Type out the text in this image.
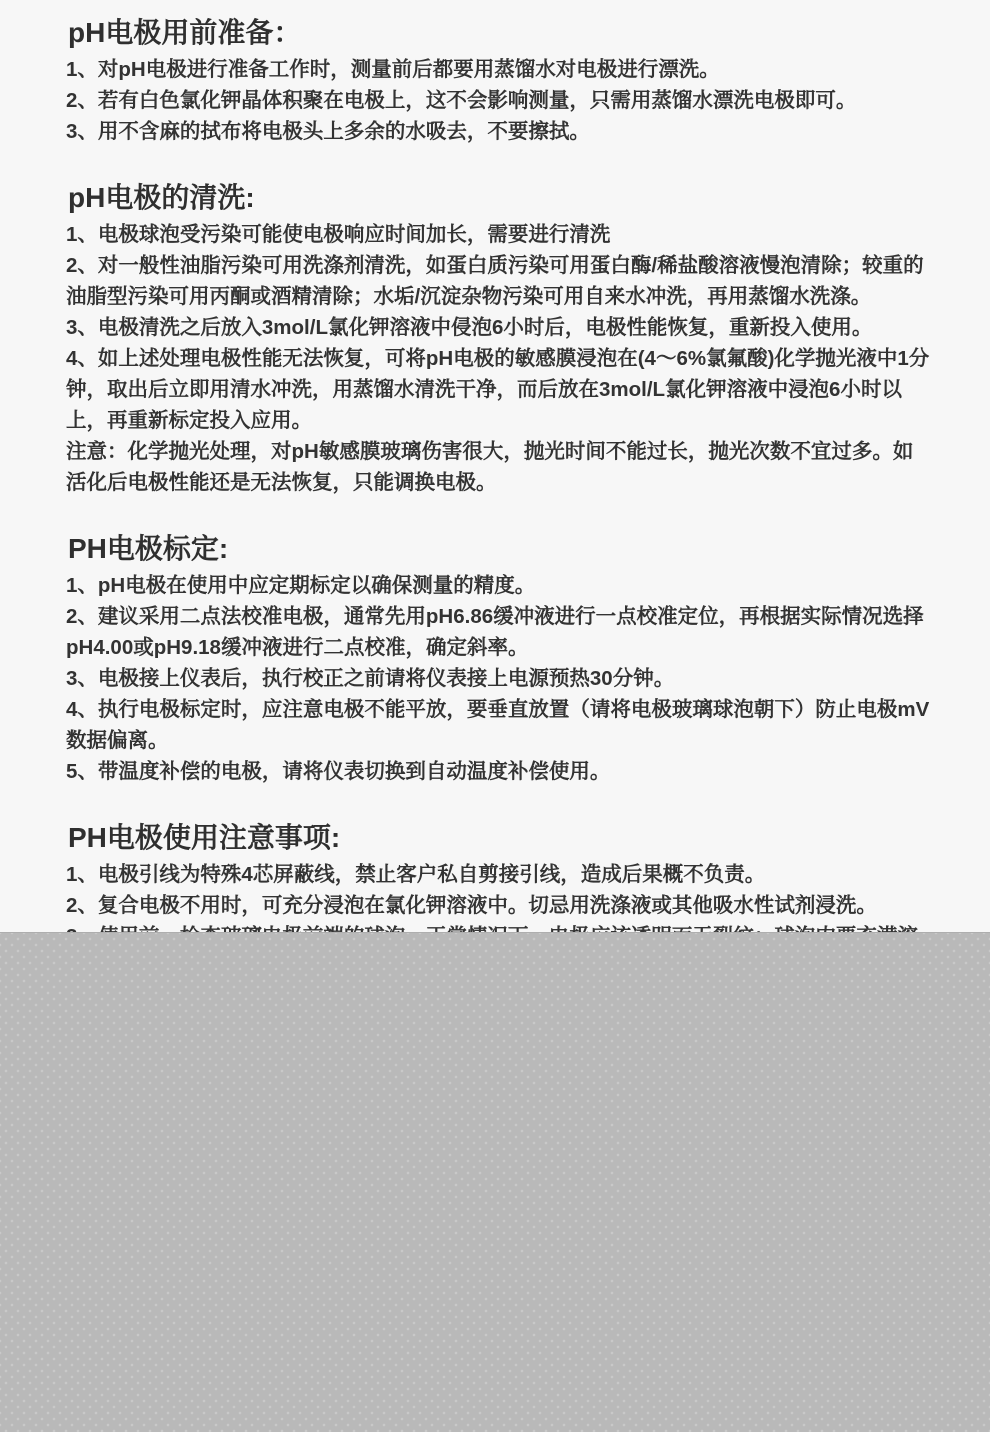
pH电极用前准备：

1、对pH电极进行准备工作时，测量前后都要用蒸馏水对电极进行漂洗。

2、若有白色氯化钾晶体积聚在电极上，这不会影响测量，只需用蒸馏水漂洗电极即可。

3、用不含麻的拭布将电极头上多余的水吸去，不要擦拭。

pH电极的清洗:

1、电极球泡受污染可能使电极响应时间加长，需要进行清洗

2、对一般性油脂污染可用洗涤剂清洗，如蛋白质污染可用蛋白酶/稀盐酸溶液慢泡清除；较重的油脂型污染可用丙酮或酒精清除；水垢/沉淀杂物污染可用自来水冲洗，再用蒸馏水洗涤。

3、电极清洗之后放入3mol/L氯化钾溶液中侵泡6小时后，电极性能恢复，重新投入使用。

4、如上述处理电极性能无法恢复，可将pH电极的敏感膜浸泡在(4～6%氯氟酸)化学抛光液中1分钟，取出后立即用清水冲洗，用蒸馏水清洗干净，而后放在3mol/L氯化钾溶液中浸泡6小时以上，再重新标定投入应用。

注意：化学抛光处理，对pH敏感膜玻璃伤害很大，抛光时间不能过长，抛光次数不宜过多。如活化后电极性能还是无法恢复，只能调换电极。

PH电极标定:

1、pH电极在使用中应定期标定以确保测量的精度。

2、建议采用二点法校准电极，通常先用pH6.86缓冲液进行一点校准定位，再根据实际情况选择pH4.00或pH9.18缓冲液进行二点校准，确定斜率。

3、电极接上仪表后，执行校正之前请将仪表接上电源预热30分钟。

4、执行电极标定时，应注意电极不能平放，要垂直放置（请将电极玻璃球泡朝下）防止电极mV数据偏离。

5、带温度补偿的电极，请将仪表切换到自动温度补偿使用。

PH电极使用注意事项:

1、电极引线为特殊4芯屏蔽线，禁止客户私自剪接引线，造成后果概不负责。

2、复合电极不用时，可充分浸泡在氯化钾溶液中。切忌用洗涤液或其他吸水性试剂浸洗。
